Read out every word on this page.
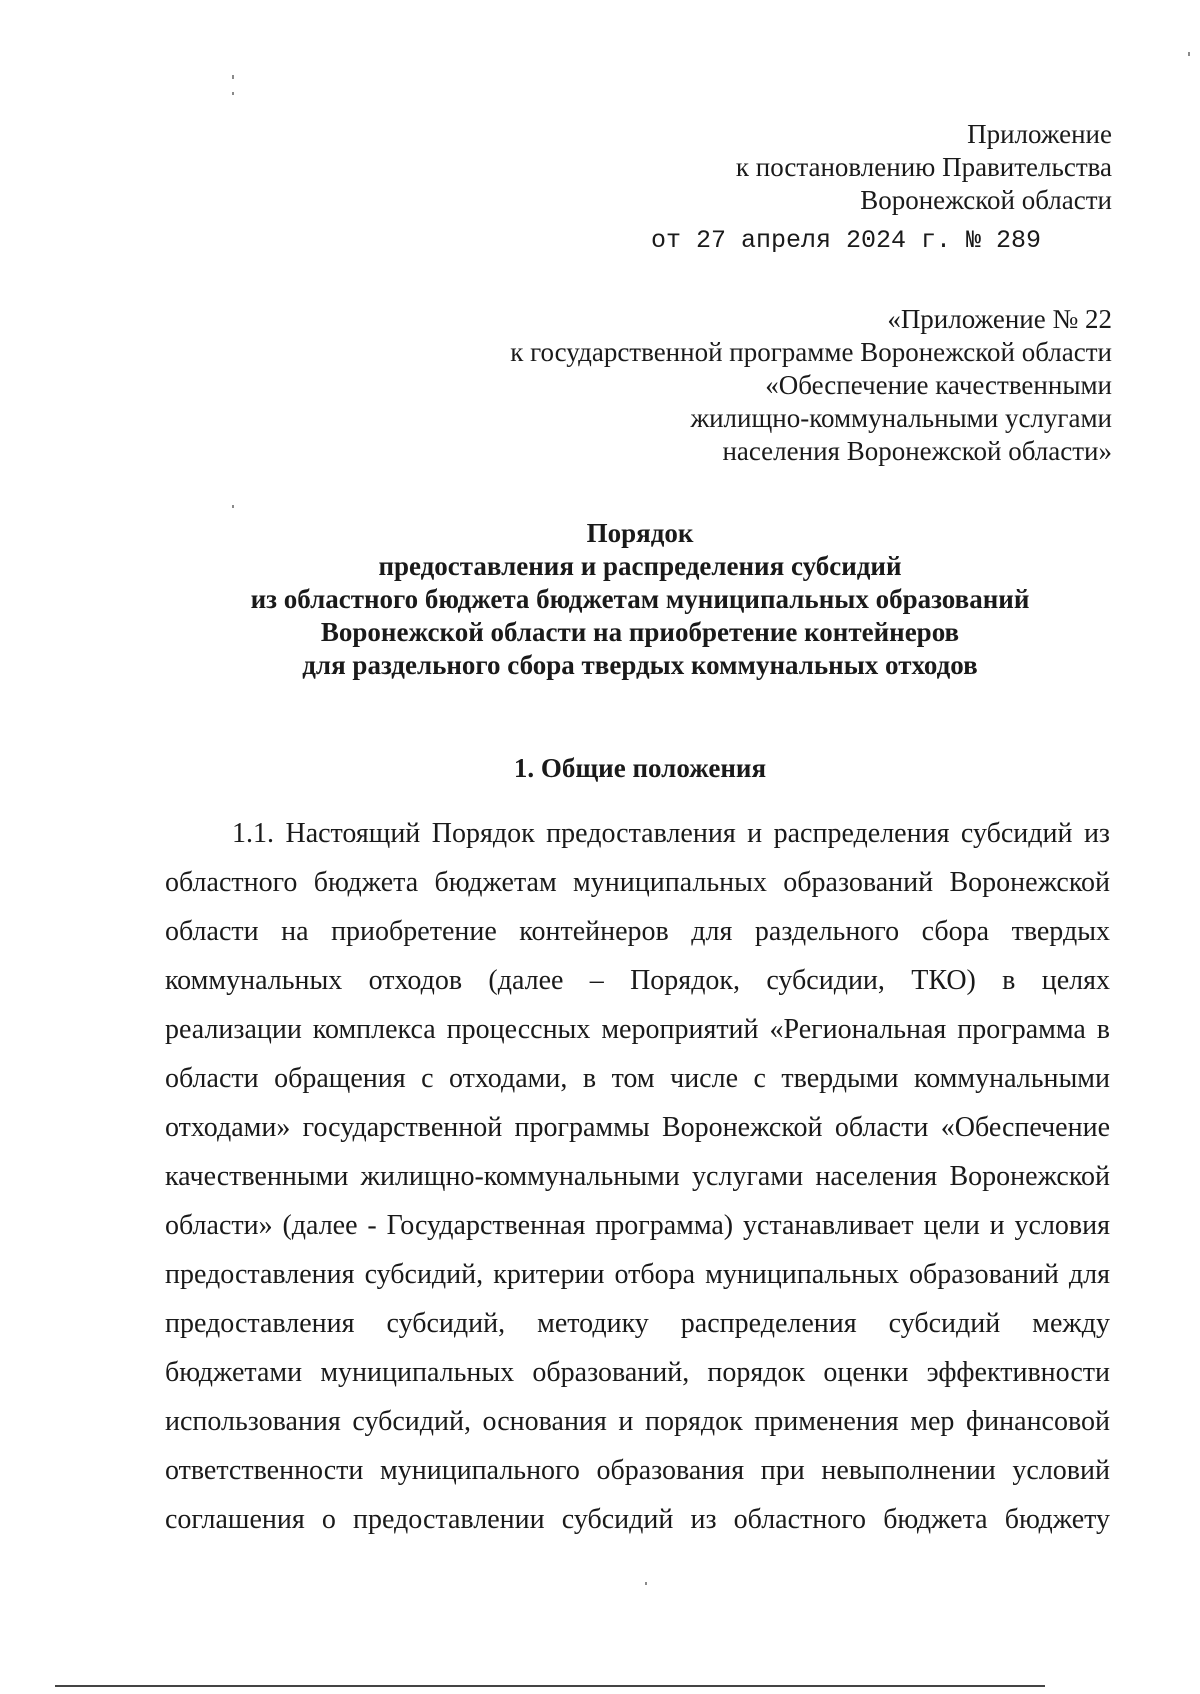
Приложение
к постановлению Правительства
Воронежской области
от 27 апреля 2024 г. № 289
«Приложение № 22
к государственной программе Воронежской области
«Обеспечение качественными
жилищно-коммунальными услугами
населения Воронежской области»
Порядок
предоставления и распределения субсидий
из областного бюджета бюджетам муниципальных образований
Воронежской области на приобретение контейнеров
для раздельного сбора твердых коммунальных отходов
1. Общие положения
1.1. Настоящий Порядок предоставления и распределения субсидий из
областного бюджета бюджетам муниципальных образований Воронежской
области на приобретение контейнеров для раздельного сбора твердых
коммунальных отходов (далее – Порядок, субсидии, ТКО) в целях
реализации комплекса процессных мероприятий «Региональная программа в
области обращения с отходами, в том числе с твердыми коммунальными
отходами» государственной программы Воронежской области «Обеспечение
качественными жилищно-коммунальными услугами населения Воронежской
области» (далее - Государственная программа) устанавливает цели и условия
предоставления субсидий, критерии отбора муниципальных образований для
предоставления субсидий, методику распределения субсидий между
бюджетами муниципальных образований, порядок оценки эффективности
использования субсидий, основания и порядок применения мер финансовой
ответственности муниципального образования при невыполнении условий
соглашения о предоставлении субсидий из областного бюджета бюджету
